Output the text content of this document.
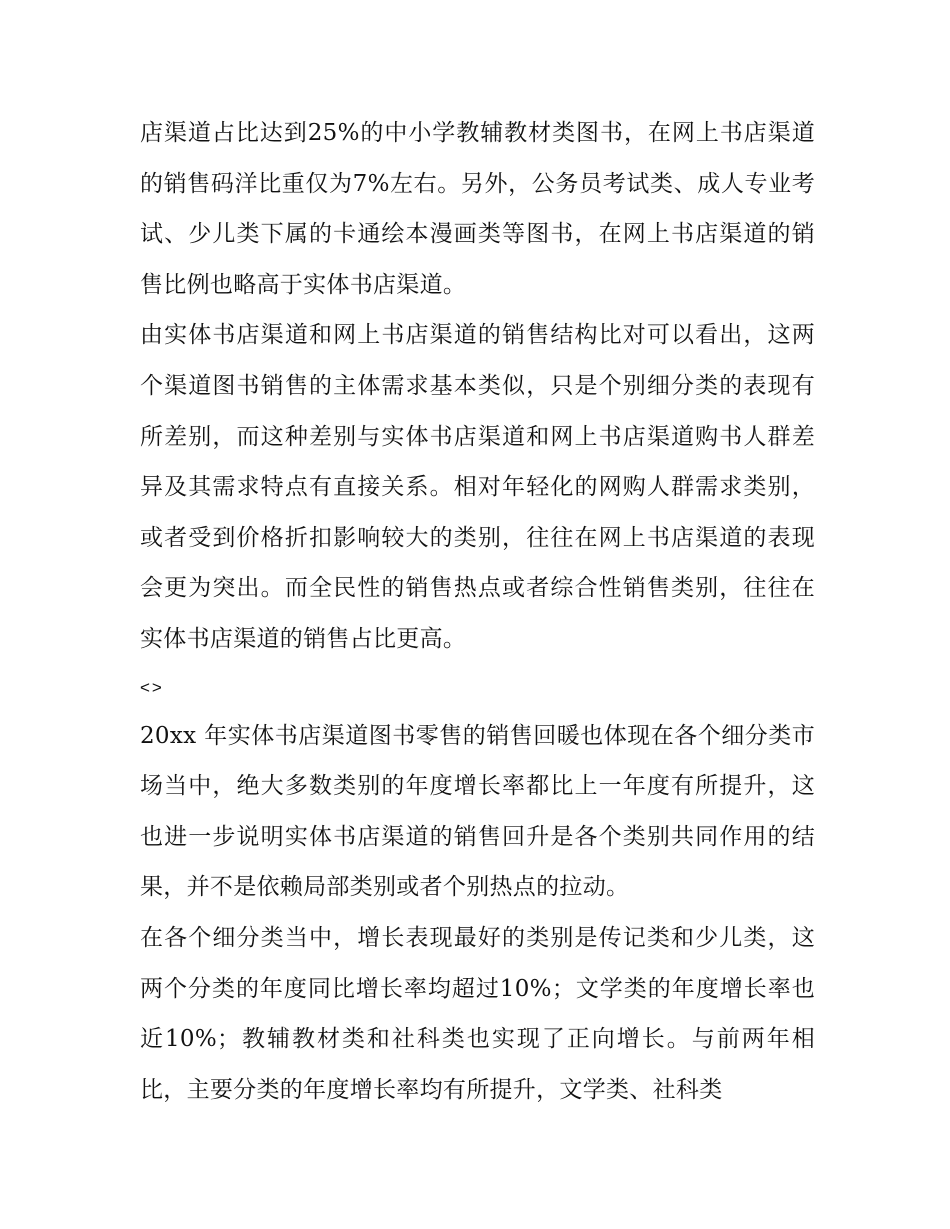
店渠道占比达到25%的中小学教辅教材类图书，在网上书店渠道的销售码洋比重仅为7%左右。另外，公务员考试类、成人专业考试、少儿类下属的卡通绘本漫画类等图书，在网上书店渠道的销售比例也略高于实体书店渠道。

由实体书店渠道和网上书店渠道的销售结构比对可以看出，这两个渠道图书销售的主体需求基本类似，只是个别细分类的表现有所差别，而这种差别与实体书店渠道和网上书店渠道购书人群差异及其需求特点有直接关系。相对年轻化的网购人群需求类别，或者受到价格折扣影响较大的类别，往往在网上书店渠道的表现会更为突出。而全民性的销售热点或者综合性销售类别，往往在实体书店渠道的销售占比更高。

<>

20xx 年实体书店渠道图书零售的销售回暖也体现在各个细分类市场当中，绝大多数类别的年度增长率都比上一年度有所提升，这也进一步说明实体书店渠道的销售回升是各个类别共同作用的结果，并不是依赖局部类别或者个别热点的拉动。

在各个细分类当中，增长表现最好的类别是传记类和少儿类，这两个分类的年度同比增长率均超过10%；文学类的年度增长率也近10%；教辅教材类和社科类也实现了正向增长。与前两年相比，主要分类的年度增长率均有所提升，文学类、社科类
